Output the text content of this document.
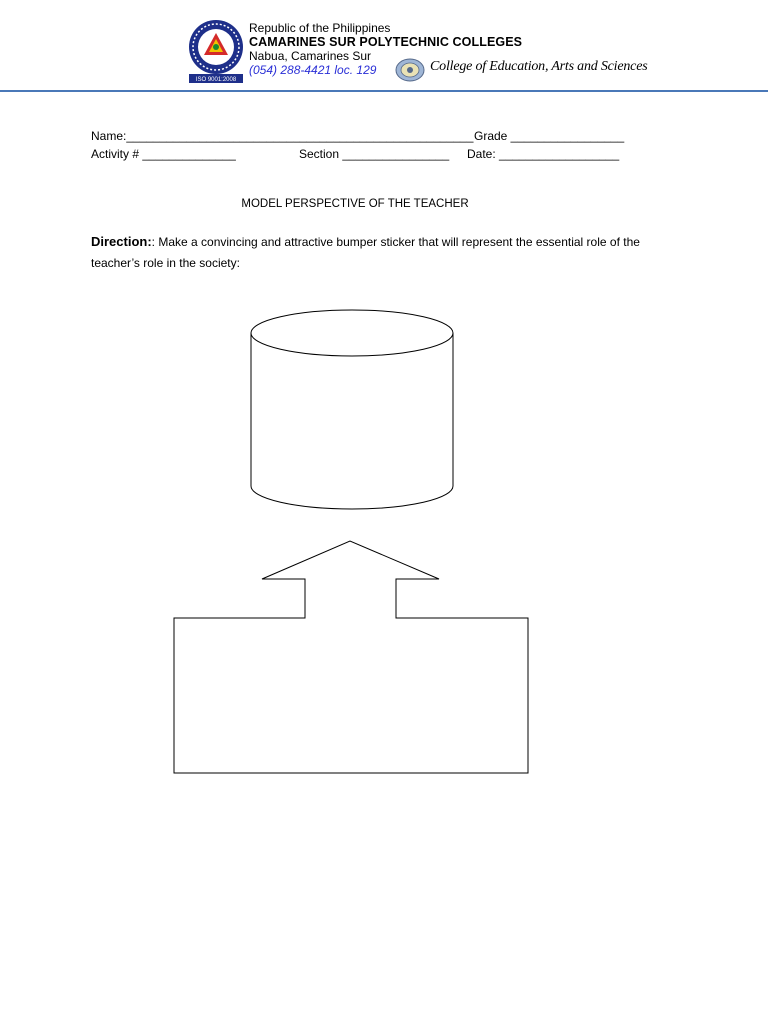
ISO 9001:2008
Republic of the Philippines
CAMARINES SUR POLYTECHNIC COLLEGES
Nabua, Camarines Sur
(054) 288-4421 loc. 129	College of Education, Arts and Sciences
Name:____________________________________________________ Grade _________________
Activity # ______________	Section ________________ Date: __________________
MODEL PERSPECTIVE OF THE TEACHER
Direction:: Make a convincing and attractive bumper sticker that will represent the essential role of the teacher’s role in the society:
